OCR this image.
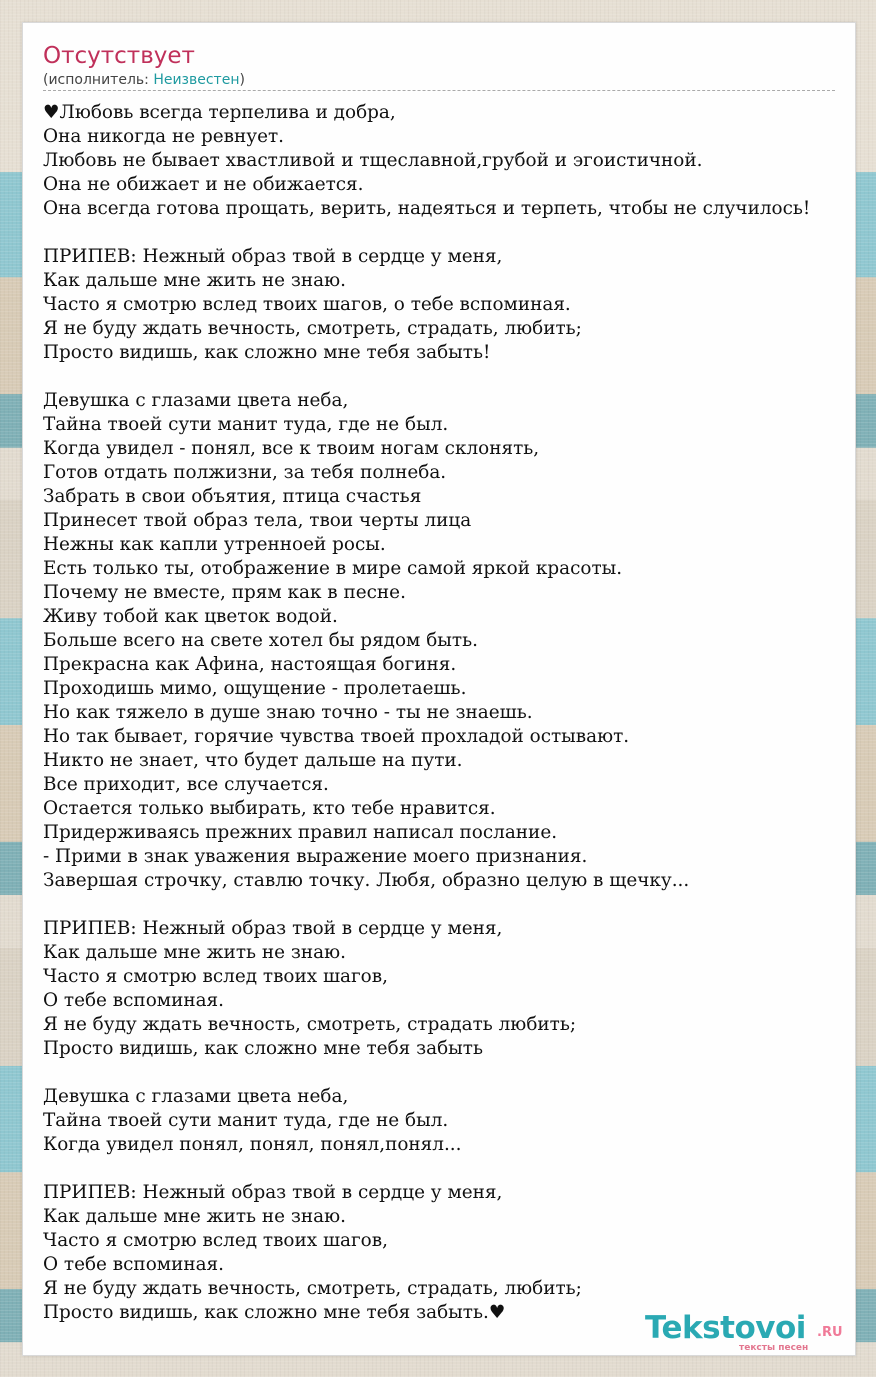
Отсутствует
(исполнитель: Неизвестен)
♥Любовь всегда терпелива и добра,
Она никогда не ревнует.
Любовь не бывает хвастливой и тщеславной,грубой и эгоистичной.
Она не обижает и не обижается.
Она всегда готова прощать, верить, надеяться и терпеть, чтобы не случилось!
ПРИПЕВ: Нежный образ твой в сердце у меня,
Как дальше мне жить не знаю.
Часто я смотрю вслед твоих шагов, о тебе вспоминая.
Я не буду ждать вечность, смотреть, страдать, любить;
Просто видишь, как сложно мне тебя забыть!
Девушка с глазами цвета неба,
Тайна твоей сути манит туда, где не был.
Когда увидел - понял, все к твоим ногам склонять,
Готов отдать полжизни, за тебя полнеба.
Забрать в свои объятия, птица счастья
Принесет твой образ тела, твои черты лица
Нежны как капли утренноей росы.
Есть только ты, отображение в мире самой яркой красоты.
Почему не вместе, прям как в песне.
Живу тобой как цветок водой.
Больше всего на свете хотел бы рядом быть.
Прекрасна как Афина, настоящая богиня.
Проходишь мимо, ощущение - пролетаешь.
Но как тяжело в душе знаю точно - ты не знаешь.
Но так бывает, горячие чувства твоей прохладой остывают.
Никто не знает, что будет дальше на пути.
Все приходит, все случается.
Остается только выбирать, кто тебе нравится.
Придерживаясь прежних правил написал послание.
- Прими в знак уважения выражение моего признания.
Завершая строчку, ставлю точку. Любя, образно целую в щечку...
ПРИПЕВ: Нежный образ твой в сердце у меня,
Как дальше мне жить не знаю.
Часто я смотрю вслед твоих шагов,
О тебе вспоминая.
Я не буду ждать вечность, смотреть, страдать любить;
Просто видишь, как сложно мне тебя забыть
Девушка с глазами цвета неба,
Тайна твоей сути манит туда, где не был.
Когда увидел понял, понял, понял,понял...
ПРИПЕВ: Нежный образ твой в сердце у меня,
Как дальше мне жить не знаю.
Часто я смотрю вслед твоих шагов,
О тебе вспоминая.
Я не буду ждать вечность, смотреть, страдать, любить;
Просто видишь, как сложно мне тебя забыть.♥	Tekstovoi .RU
тексты песен
